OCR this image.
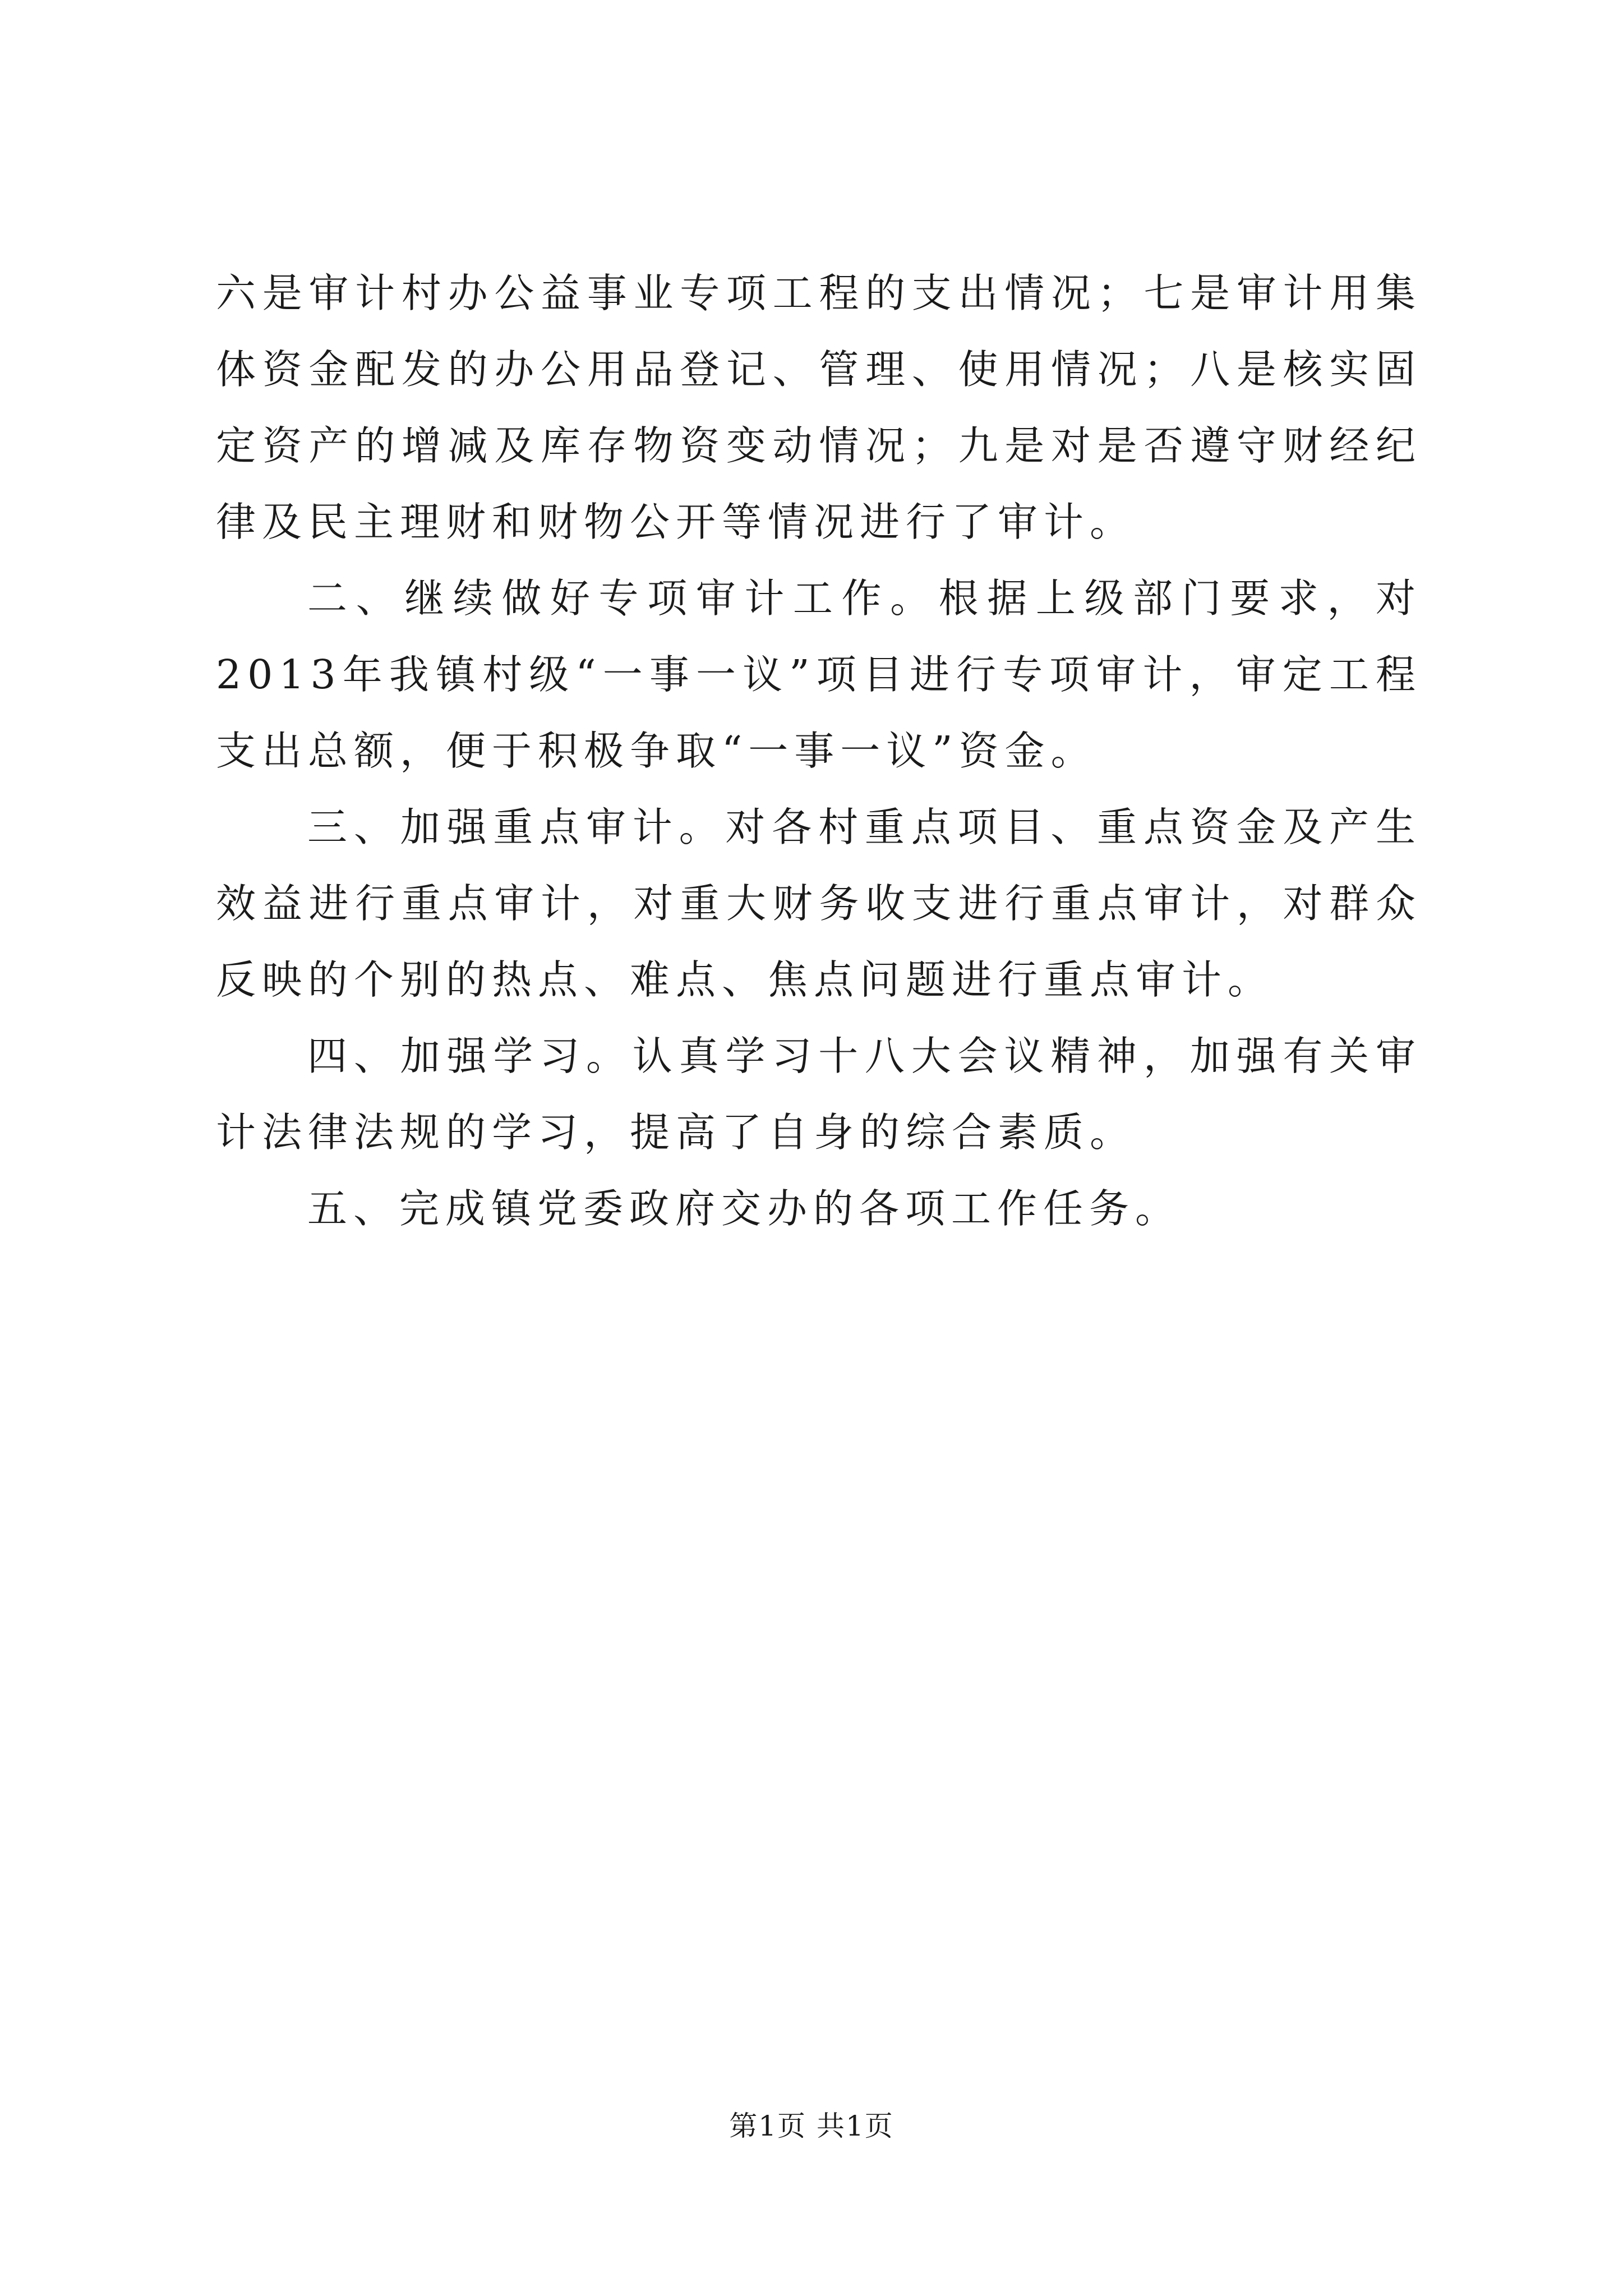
六是审计村办公益事业专项工程的支出情况；七是审计用集体资金配发的办公用品登记、管理、使用情况；八是核实固定资产的增减及库存物资变动情况；九是对是否遵守财经纪律及民主理财和财物公开等情况进行了审计。

二、继续做好专项审计工作。根据上级部门要求，对2013年我镇村级“一事一议”项目进行专项审计，审定工程支出总额，便于积极争取“一事一议”资金。

三、加强重点审计。对各村重点项目、重点资金及产生效益进行重点审计，对重大财务收支进行重点审计，对群众反映的个别的热点、难点、焦点问题进行重点审计。

四、加强学习。认真学习十八大会议精神，加强有关审计法律法规的学习，提高了自身的综合素质。

五、完成镇党委政府交办的各项工作任务。

第1页 共1页
